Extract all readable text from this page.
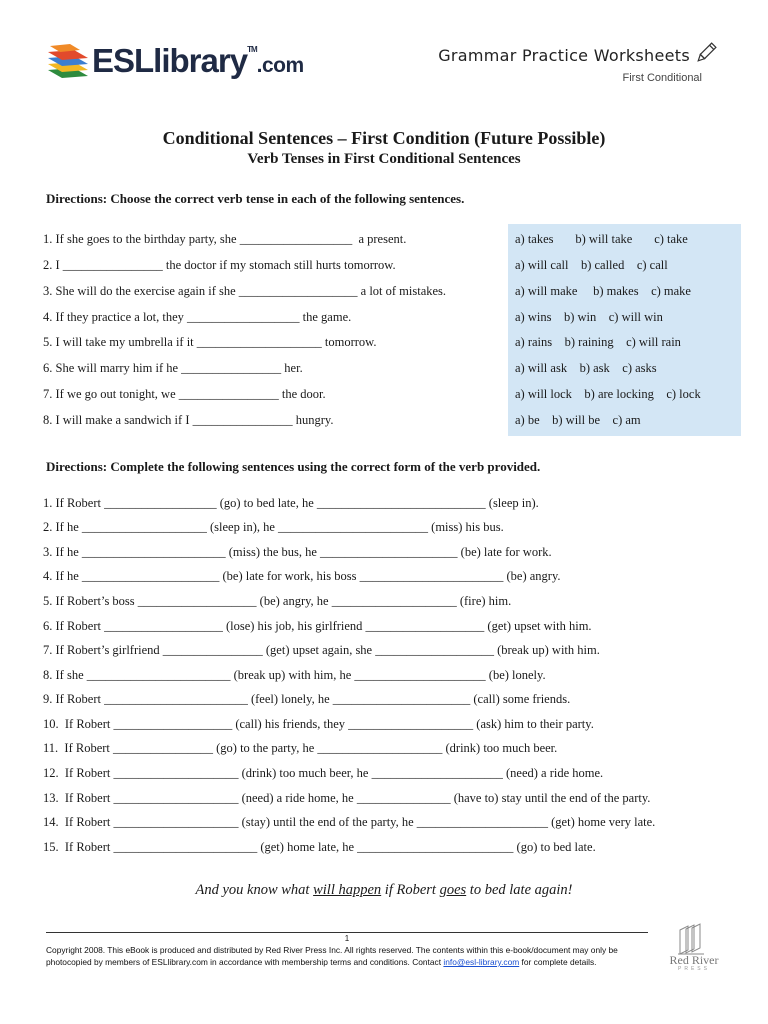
ESLlibrary™.com	Grammar Practice Worksheets
First Conditional
Conditional Sentences – First Condition (Future Possible)
Verb Tenses in First Conditional Sentences
Directions: Choose the correct verb tense in each of the following sentences.
1. If she goes to the birthday party, she __________________  a present.
2. I ________________ the doctor if my stomach still hurts tomorrow.
3. She will do the exercise again if she ___________________ a lot of mistakes.
4. If they practice a lot, they __________________ the game.
5. I will take my umbrella if it ____________________ tomorrow.
6. She will marry him if he ________________ her.
7. If we go out tonight, we ________________ the door.
8. I will make a sandwich if I ________________ hungry.
a) takes       b) will take       c) take
a) will call    b) called    c) call
a) will make     b) makes    c) make
a) wins    b) win    c) will win
a) rains    b) raining    c) will rain
a) will ask    b) ask    c) asks
a) will lock    b) are locking    c) lock
a) be    b) will be    c) am
Directions: Complete the following sentences using the correct form of the verb provided.
1. If Robert __________________ (go) to bed late, he ___________________________ (sleep in).
2. If he ____________________ (sleep in), he ________________________ (miss) his bus.
3. If he _______________________ (miss) the bus, he ______________________ (be) late for work.
4. If he ______________________ (be) late for work, his boss _______________________ (be) angry.
5. If Robert’s boss ___________________ (be) angry, he ____________________ (fire) him.
6. If Robert ___________________ (lose) his job, his girlfriend ___________________ (get) upset with him.
7. If Robert’s girlfriend ________________ (get) upset again, she ___________________ (break up) with him.
8. If she _______________________ (break up) with him, he _____________________ (be) lonely.
9. If Robert _______________________ (feel) lonely, he ______________________ (call) some friends.
10.  If Robert ___________________ (call) his friends, they ____________________ (ask) him to their party.
11.  If Robert ________________ (go) to the party, he ____________________ (drink) too much beer.
12.  If Robert ____________________ (drink) too much beer, he _____________________ (need) a ride home.
13.  If Robert ____________________ (need) a ride home, he _______________ (have to) stay until the end of the party.
14.  If Robert ____________________ (stay) until the end of the party, he _____________________ (get) home very late.
15.  If Robert _______________________ (get) home late, he _________________________ (go) to bed late.
And you know what will happen if Robert goes to bed late again!
1
Copyright 2008. This eBook is produced and distributed by Red River Press Inc. All rights reserved. The contents within this e-book/document may only be
photocopied by members of ESLlibrary.com in accordance with membership terms and conditions. Contact info@esl-library.com for complete details.	Red River
PRESS
